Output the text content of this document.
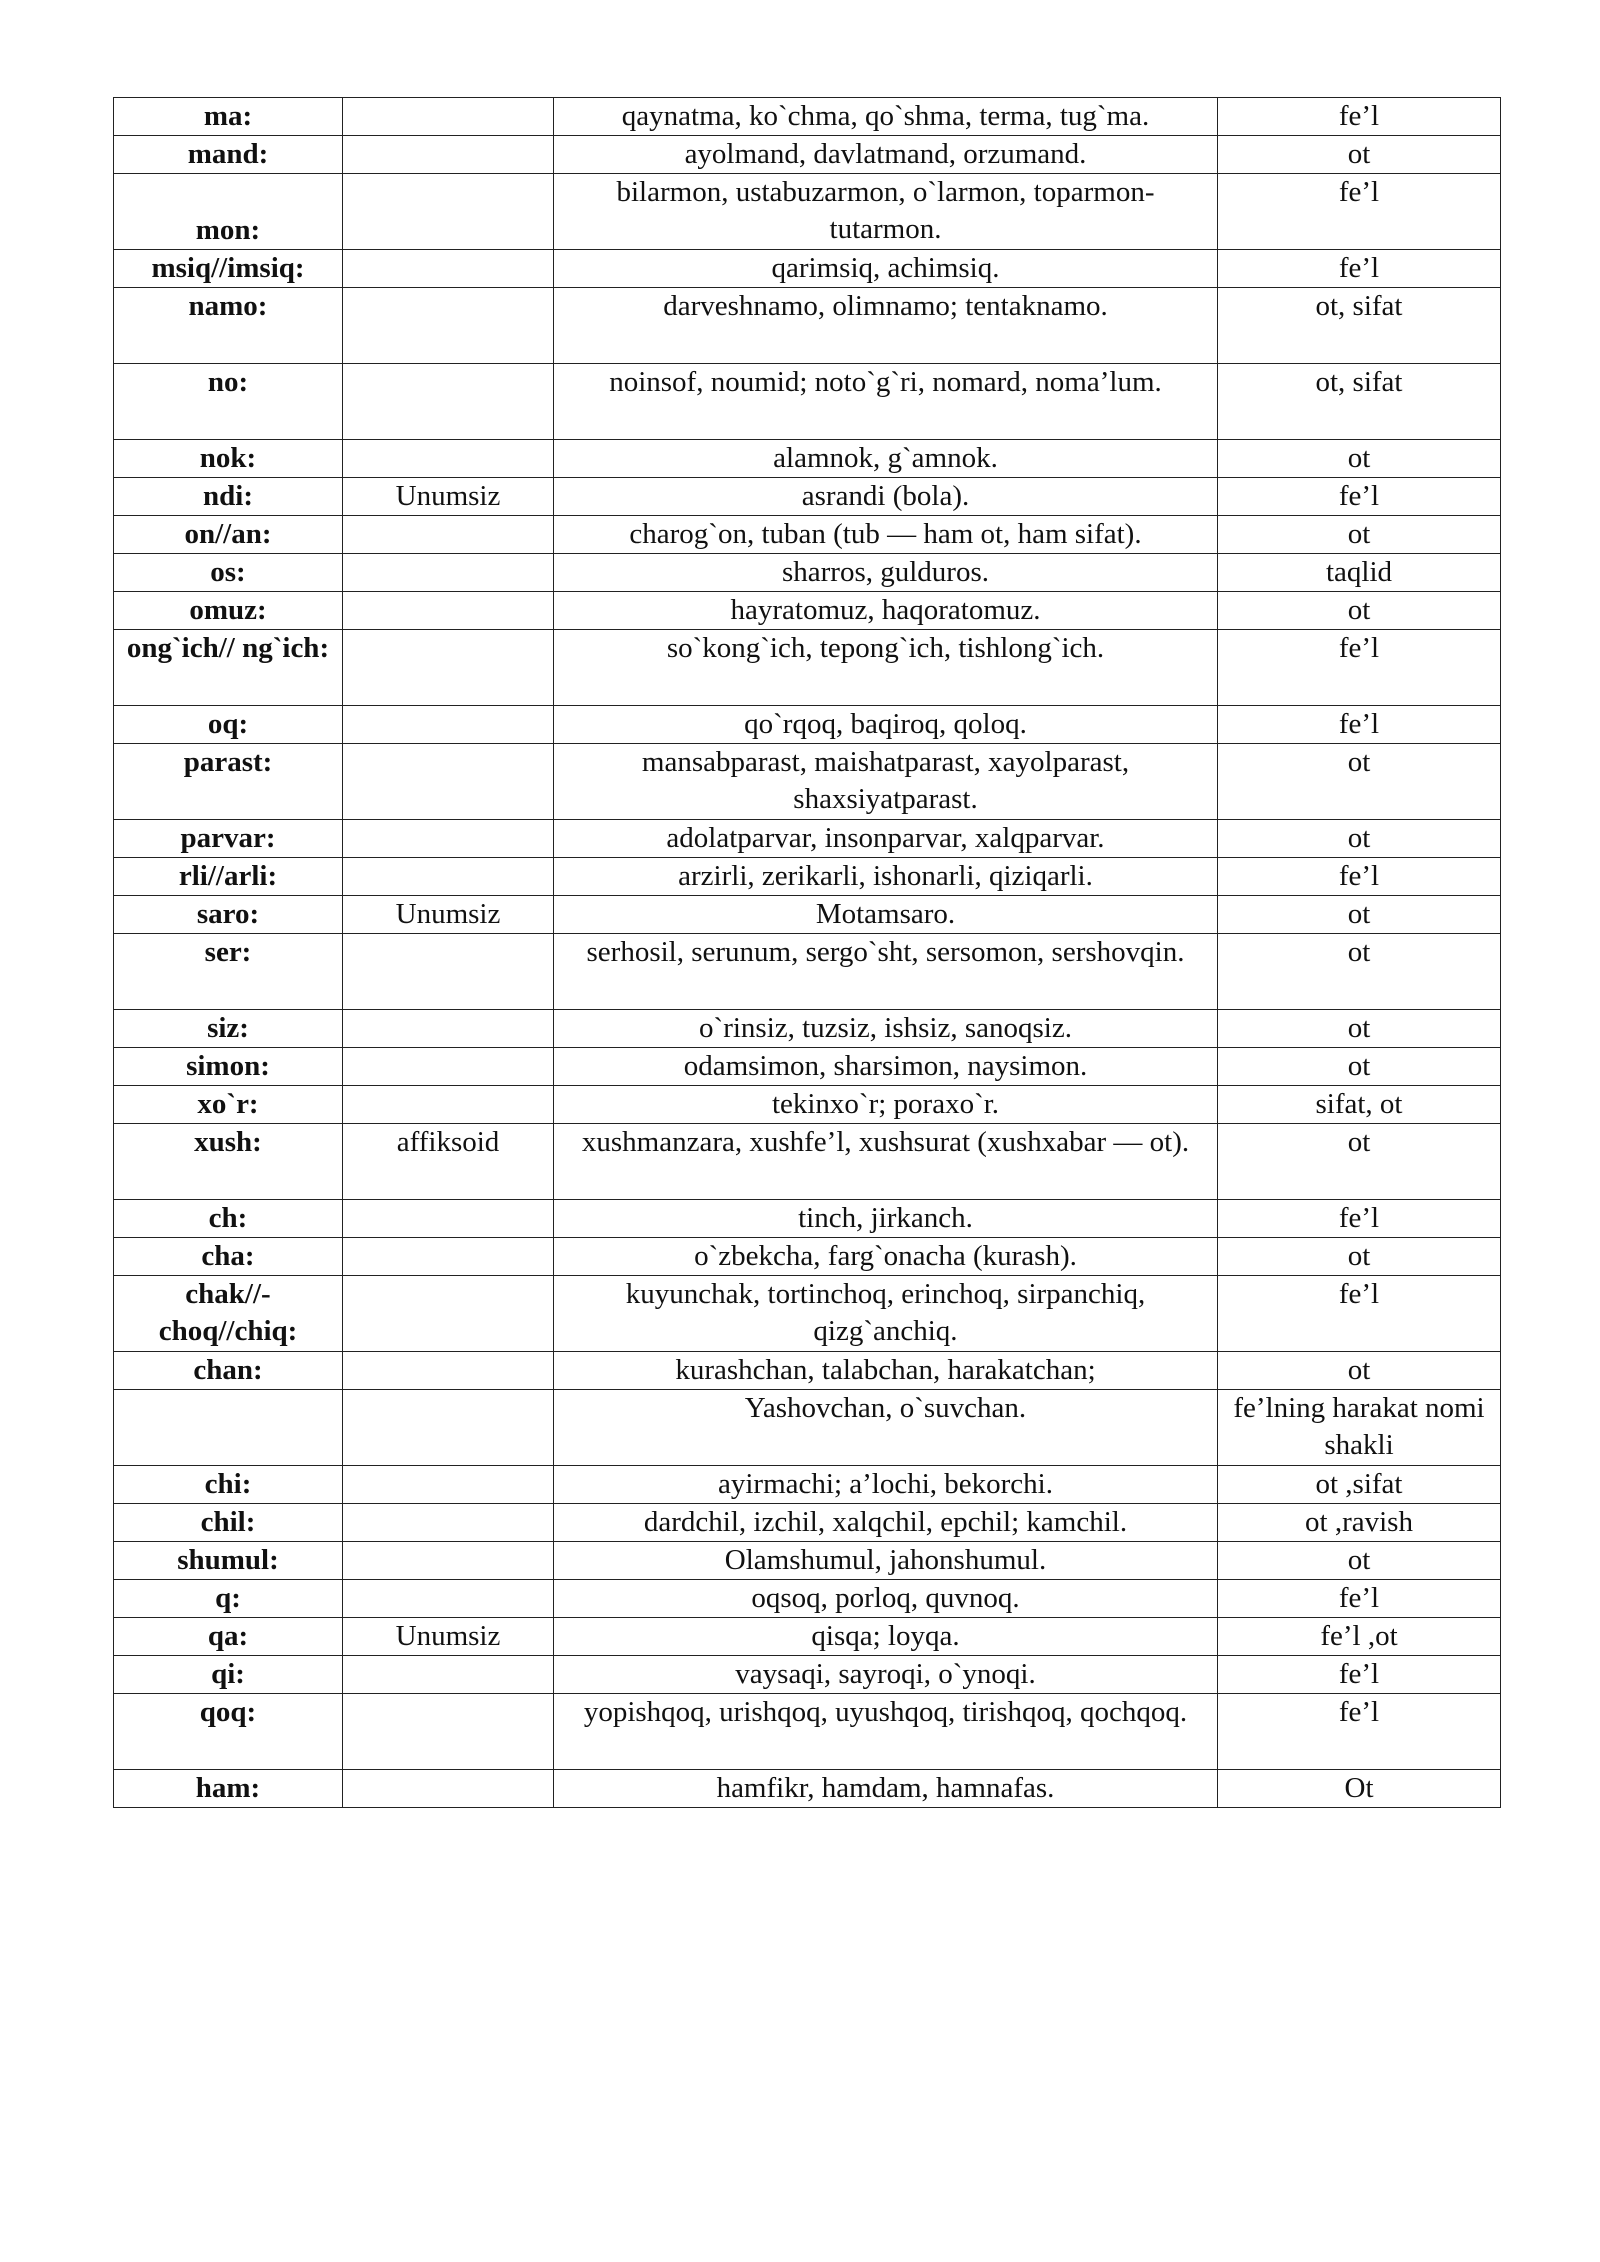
ma:		qaynatma, ko`chma, qo`shma, terma, tug`ma.	fe’l
mand:		ayolmand, davlatmand, orzumand.	ot
mon:		bilarmon, ustabuzarmon, o`larmon, toparmon-tutarmon.	fe’l
msiq//imsiq:		qarimsiq, achimsiq.	fe’l
namo:		darveshnamo, olimnamo; tentaknamo.	ot, sifat
no:		noinsof, noumid; noto`g`ri, nomard, noma’lum.	ot, sifat
nok:		alamnok, g`amnok.	ot
ndi:	Unumsiz	asrandi (bola).	fe’l
on//an:		charog`on, tuban (tub — ham ot, ham sifat).	ot
os:		sharros, gulduros.	taqlid
omuz:		hayratomuz, haqoratomuz.	ot
ong`ich// ng`ich:		so`kong`ich, tepong`ich, tishlong`ich.	fe’l
oq:		qo`rqoq, baqiroq, qoloq.	fe’l
parast:		mansabparast, maishatparast, xayolparast, shaxsiyatparast.	ot
parvar:		adolatparvar, insonparvar, xalqparvar.	ot
rli//arli:		arzirli, zerikarli, ishonarli, qiziqarli.	fe’l
saro:	Unumsiz	Motamsaro.	ot
ser:		serhosil, serunum, sergo`sht, sersomon, sershovqin.	ot
siz:		o`rinsiz, tuzsiz, ishsiz, sanoqsiz.	ot
simon:		odamsimon, sharsimon, naysimon.	ot
xo`r:		tekinxo`r; poraxo`r.	sifat, ot
xush:	affiksoid	xushmanzara, xushfe’l, xushsurat (xushxabar — ot).	ot
ch:		tinch, jirkanch.	fe’l
cha:		o`zbekcha, farg`onacha (kurash).	ot
chak//-choq//chiq:		kuyunchak, tortinchoq, erinchoq, sirpanchiq, qizg`anchiq.	fe’l
chan:		kurashchan, talabchan, harakatchan;	ot
		Yashovchan, o`suvchan.	fe’lning harakat nomi shakli
chi:		ayirmachi; a’lochi, bekorchi.	ot ,sifat
chil:		dardchil, izchil, xalqchil, epchil; kamchil.	ot ,ravish
shumul:		Olamshumul, jahonshumul.	ot
q:		oqsoq, porloq, quvnoq.	fe’l
qa:	Unumsiz	qisqa; loyqa.	fe’l ,ot
qi:		vaysaqi, sayroqi, o`ynoqi.	fe’l
qoq:		yopishqoq, urishqoq, uyushqoq, tirishqoq, qochqoq.	fe’l
ham:		hamfikr, hamdam, hamnafas.	Ot
